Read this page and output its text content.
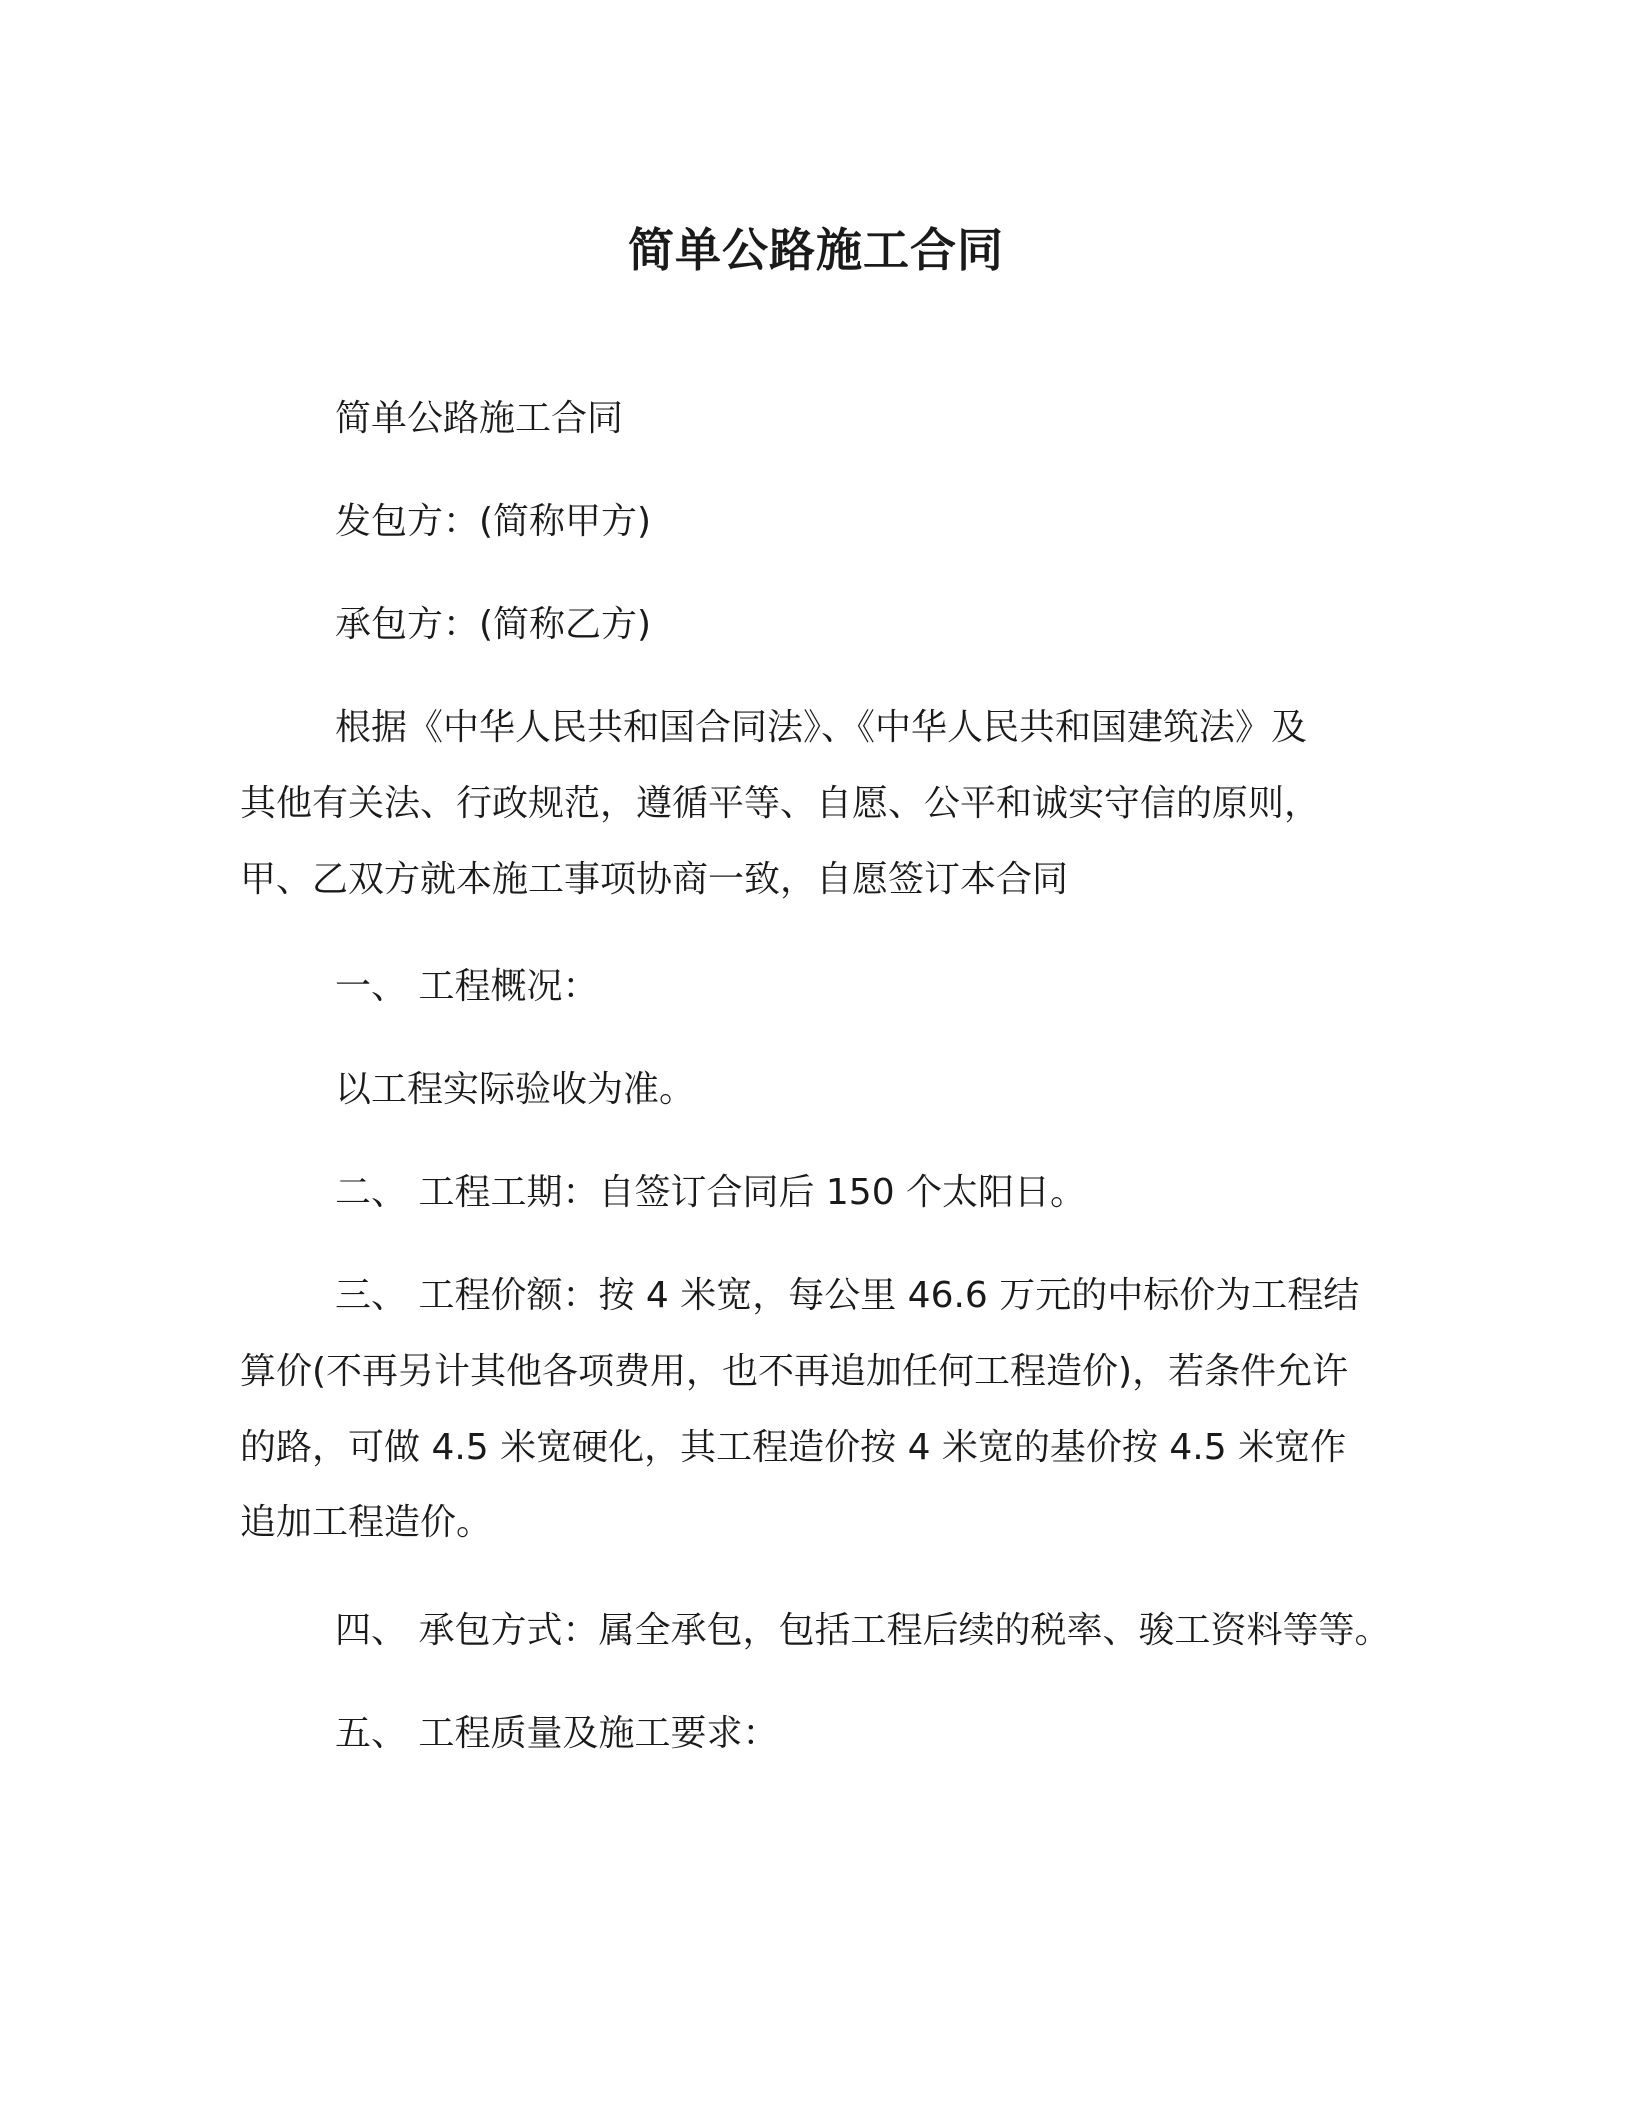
简单公路施工合同
简单公路施工合同
发包方：(简称甲方)
承包方：(简称乙方)
根据《中华人民共和国合同法》、《中华人民共和国建筑法》及
其他有关法、行政规范，遵循平等、自愿、公平和诚实守信的原则，
甲、乙双方就本施工事项协商一致，自愿签订本合同
一、 工程概况：
以工程实际验收为准。
二、 工程工期：自签订合同后 150 个太阳日。
三、 工程价额：按 4 米宽，每公里 46.6 万元的中标价为工程结
算价(不再另计其他各项费用，也不再追加任何工程造价)，若条件允许
的路，可做 4.5 米宽硬化，其工程造价按 4 米宽的基价按 4.5 米宽作
追加工程造价。
四、 承包方式：属全承包，包括工程后续的税率、骏工资料等等。
五、 工程质量及施工要求：
